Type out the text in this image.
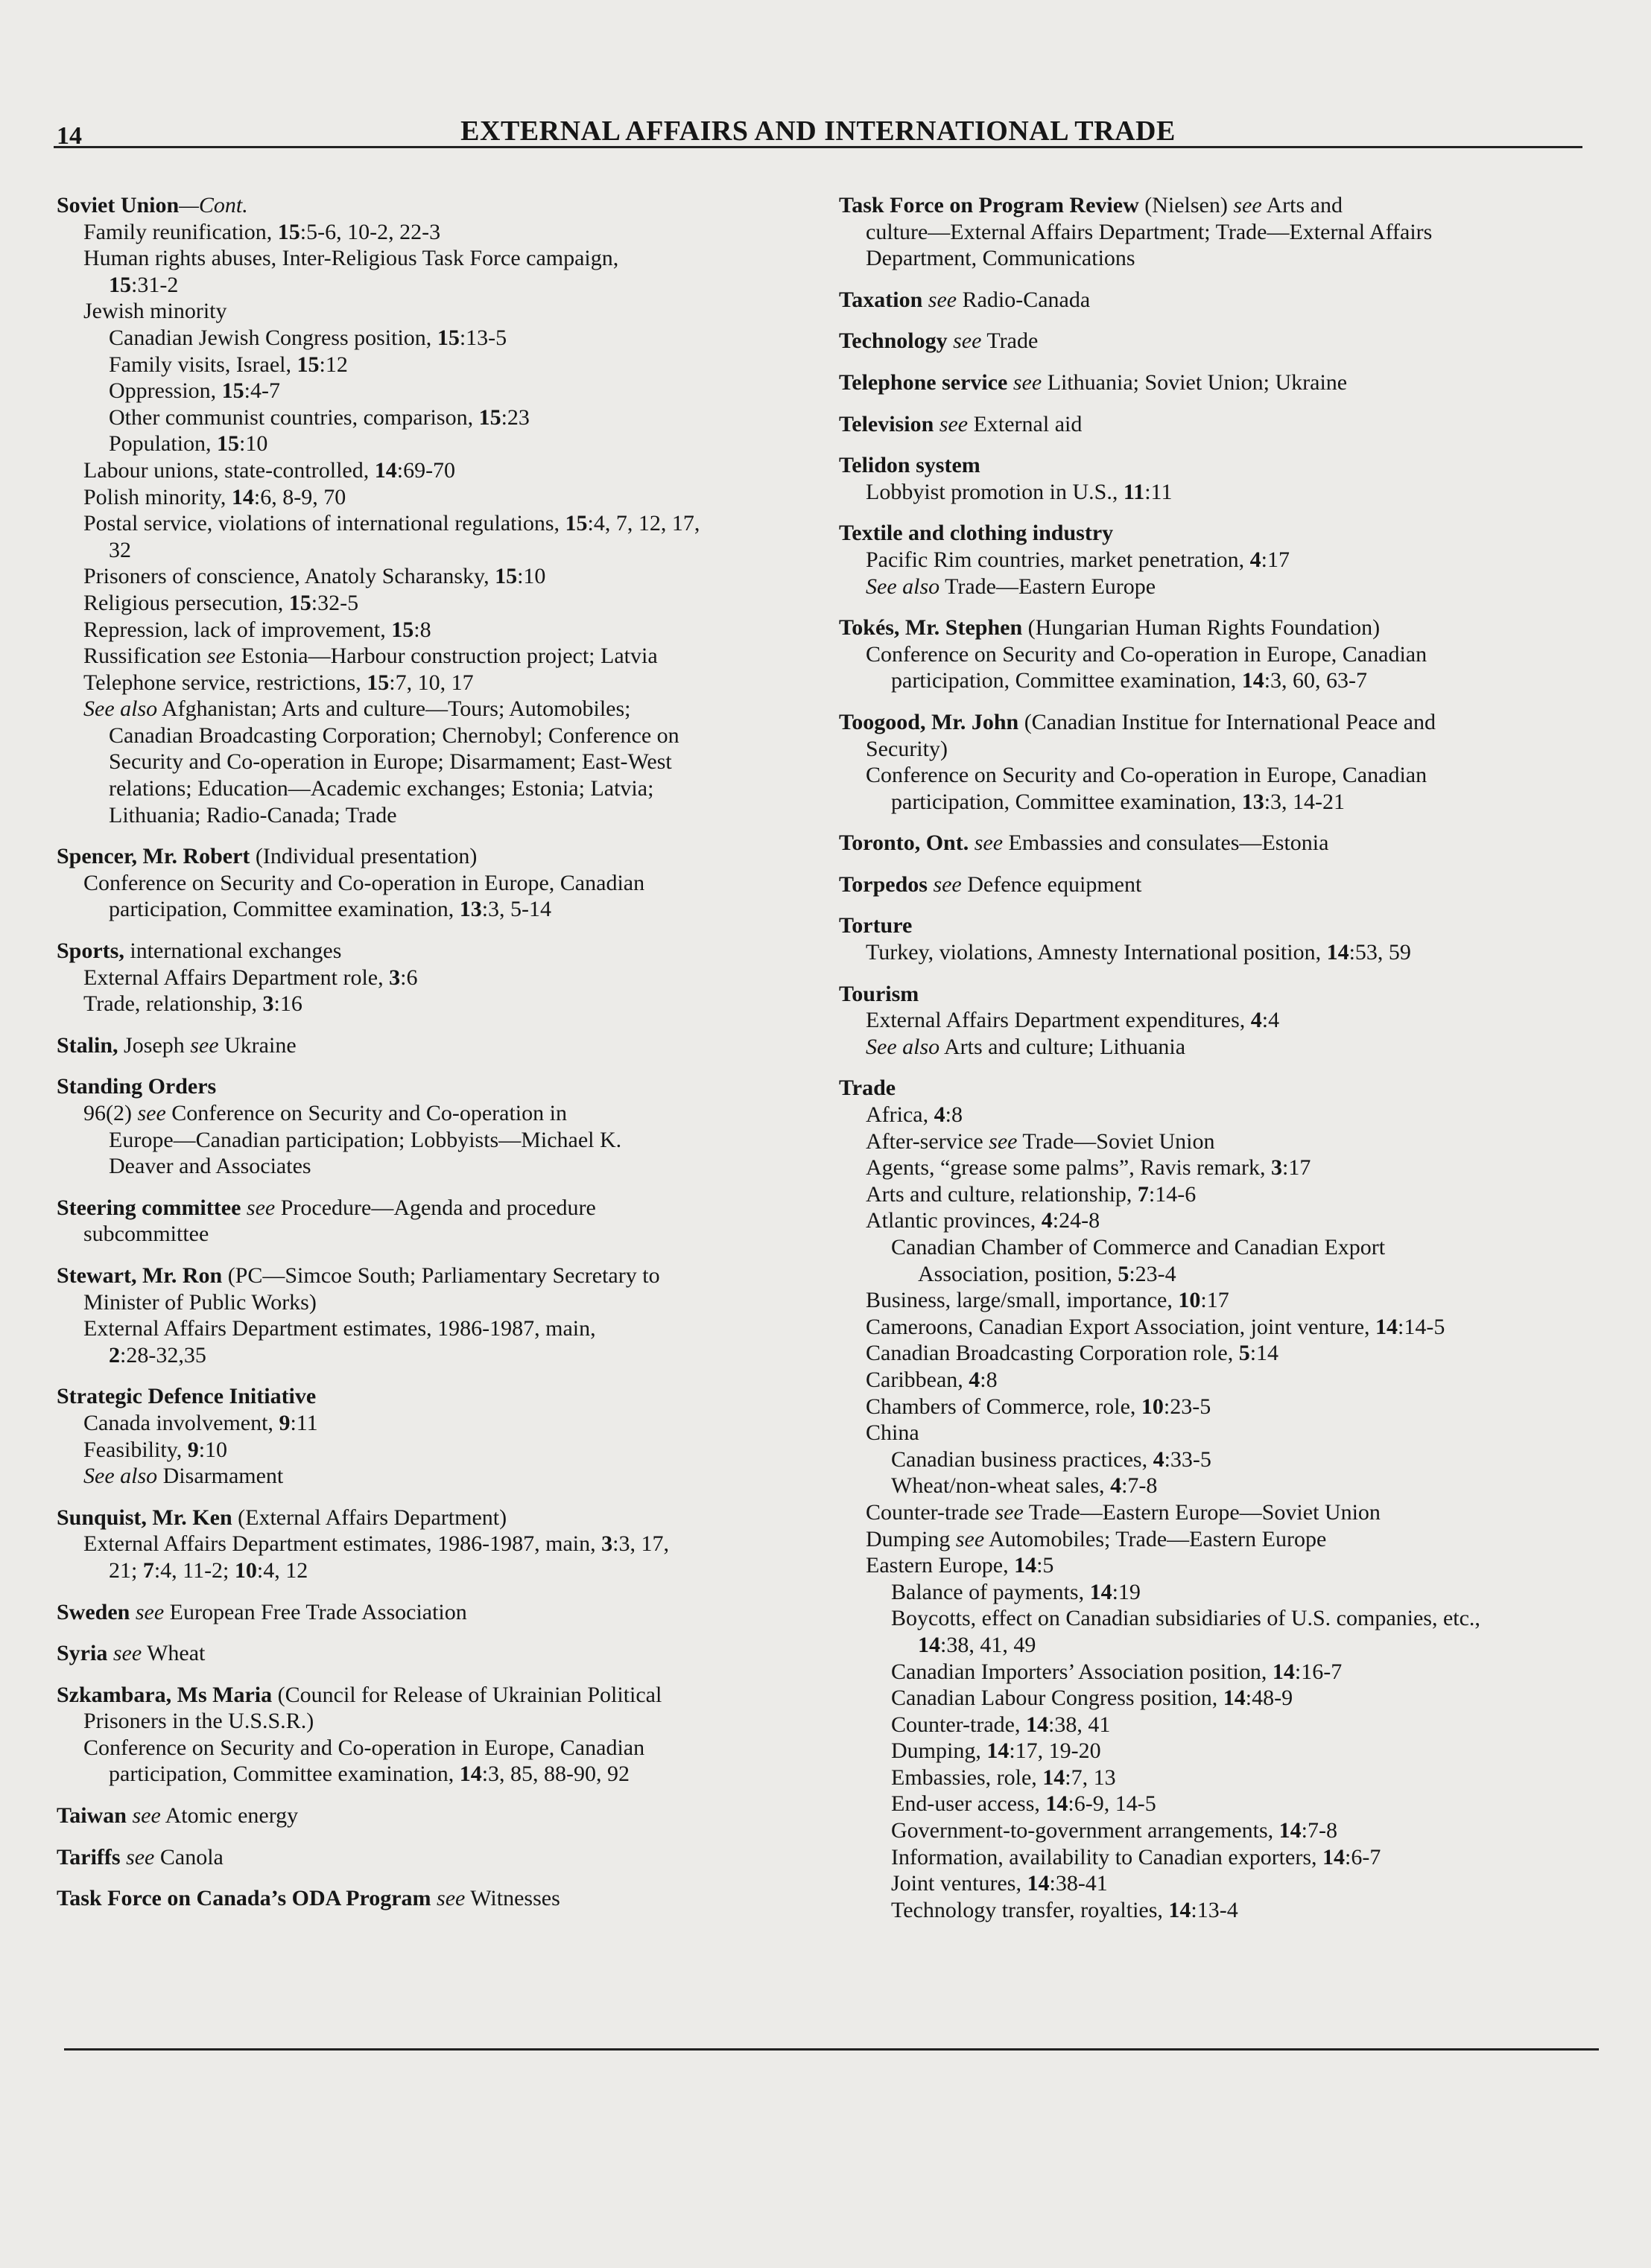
14	EXTERNAL AFFAIRS AND INTERNATIONAL TRADE
Soviet Union—Cont.
Family reunification, 15:5-6, 10-2, 22-3
Human rights abuses, Inter-Religious Task Force campaign,
15:31-2
Jewish minority
Canadian Jewish Congress position, 15:13-5
Family visits, Israel, 15:12
Oppression, 15:4-7
Other communist countries, comparison, 15:23
Population, 15:10
Labour unions, state-controlled, 14:69-70
Polish minority, 14:6, 8-9, 70
Postal service, violations of international regulations, 15:4, 7, 12, 17,
32
Prisoners of conscience, Anatoly Scharansky, 15:10
Religious persecution, 15:32-5
Repression, lack of improvement, 15:8
Russification see Estonia—Harbour construction project; Latvia
Telephone service, restrictions, 15:7, 10, 17
See also Afghanistan; Arts and culture—Tours; Automobiles;
Canadian Broadcasting Corporation; Chernobyl; Conference on
Security and Co-operation in Europe; Disarmament; East-West
relations; Education—Academic exchanges; Estonia; Latvia;
Lithuania; Radio-Canada; Trade
Spencer, Mr. Robert (Individual presentation)
Conference on Security and Co-operation in Europe, Canadian
participation, Committee examination, 13:3, 5-14
Sports, international exchanges
External Affairs Department role, 3:6
Trade, relationship, 3:16
Stalin, Joseph see Ukraine
Standing Orders
96(2) see Conference on Security and Co-operation in
Europe—Canadian participation; Lobbyists—Michael K.
Deaver and Associates
Steering committee see Procedure—Agenda and procedure
subcommittee
Stewart, Mr. Ron (PC—Simcoe South; Parliamentary Secretary to
Minister of Public Works)
External Affairs Department estimates, 1986-1987, main,
2:28-32,35
Strategic Defence Initiative
Canada involvement, 9:11
Feasibility, 9:10
See also Disarmament
Sunquist, Mr. Ken (External Affairs Department)
External Affairs Department estimates, 1986-1987, main, 3:3, 17,
21; 7:4, 11-2; 10:4, 12
Sweden see European Free Trade Association
Syria see Wheat
Szkambara, Ms Maria (Council for Release of Ukrainian Political
Prisoners in the U.S.S.R.)
Conference on Security and Co-operation in Europe, Canadian
participation, Committee examination, 14:3, 85, 88-90, 92
Taiwan see Atomic energy
Tariffs see Canola
Task Force on Canada’s ODA Program see Witnesses
Task Force on Program Review (Nielsen) see Arts and
culture—External Affairs Department; Trade—External Affairs
Department, Communications
Taxation see Radio-Canada
Technology see Trade
Telephone service see Lithuania; Soviet Union; Ukraine
Television see External aid
Telidon system
Lobbyist promotion in U.S., 11:11
Textile and clothing industry
Pacific Rim countries, market penetration, 4:17
See also Trade—Eastern Europe
Tokés, Mr. Stephen (Hungarian Human Rights Foundation)
Conference on Security and Co-operation in Europe, Canadian
participation, Committee examination, 14:3, 60, 63-7
Toogood, Mr. John (Canadian Institue for International Peace and
Security)
Conference on Security and Co-operation in Europe, Canadian
participation, Committee examination, 13:3, 14-21
Toronto, Ont. see Embassies and consulates—Estonia
Torpedos see Defence equipment
Torture
Turkey, violations, Amnesty International position, 14:53, 59
Tourism
External Affairs Department expenditures, 4:4
See also Arts and culture; Lithuania
Trade
Africa, 4:8
After-service see Trade—Soviet Union
Agents, “grease some palms”, Ravis remark, 3:17
Arts and culture, relationship, 7:14-6
Atlantic provinces, 4:24-8
Canadian Chamber of Commerce and Canadian Export
Association, position, 5:23-4
Business, large/small, importance, 10:17
Cameroons, Canadian Export Association, joint venture, 14:14-5
Canadian Broadcasting Corporation role, 5:14
Caribbean, 4:8
Chambers of Commerce, role, 10:23-5
China
Canadian business practices, 4:33-5
Wheat/non-wheat sales, 4:7-8
Counter-trade see Trade—Eastern Europe—Soviet Union
Dumping see Automobiles; Trade—Eastern Europe
Eastern Europe, 14:5
Balance of payments, 14:19
Boycotts, effect on Canadian subsidiaries of U.S. companies, etc.,
14:38, 41, 49
Canadian Importers’ Association position, 14:16-7
Canadian Labour Congress position, 14:48-9
Counter-trade, 14:38, 41
Dumping, 14:17, 19-20
Embassies, role, 14:7, 13
End-user access, 14:6-9, 14-5
Government-to-government arrangements, 14:7-8
Information, availability to Canadian exporters, 14:6-7
Joint ventures, 14:38-41
Technology transfer, royalties, 14:13-4
